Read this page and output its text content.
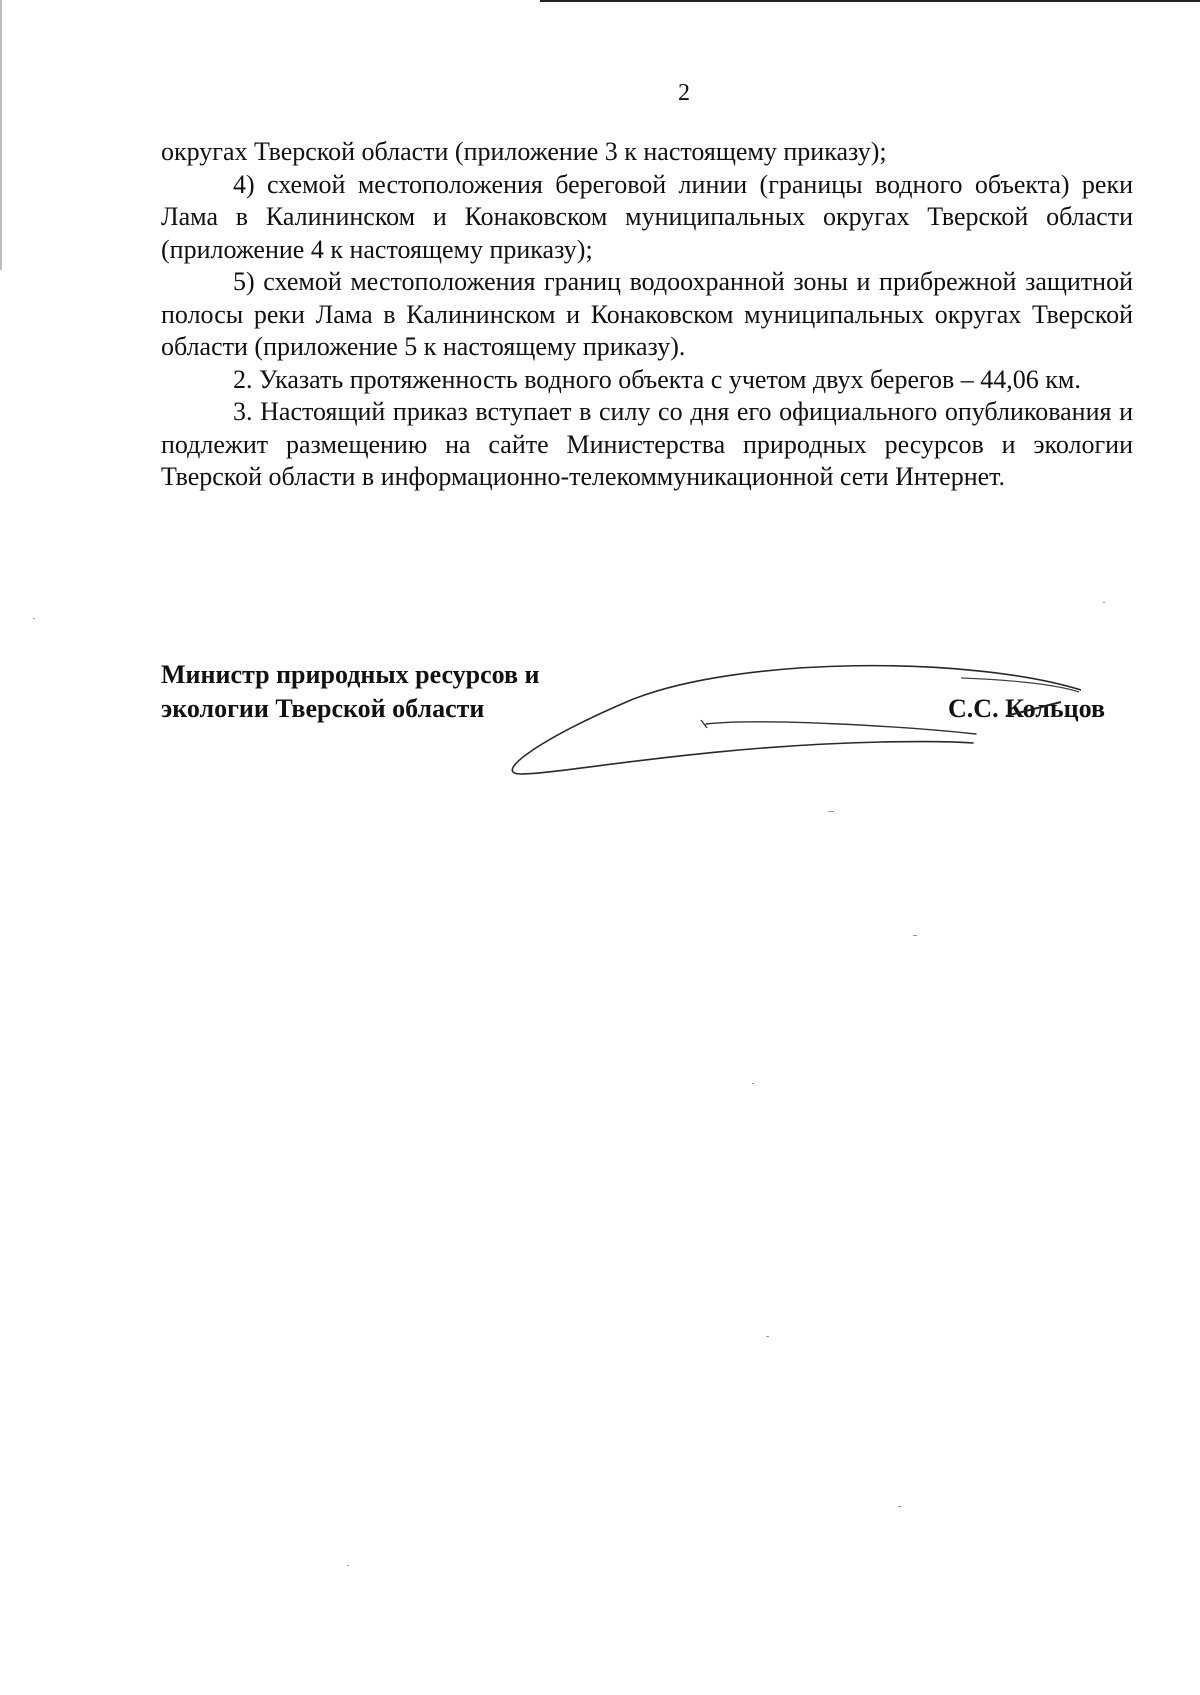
2

округах Тверской области (приложение 3 к настоящему приказу);

4) схемой местоположения береговой линии (границы водного объекта) реки Лама в Калининском и Конаковском муниципальных округах Тверской области (приложение 4 к настоящему приказу);

5) схемой местоположения границ водоохранной зоны и прибрежной защитной полосы реки Лама в Калининском и Конаковском муниципальных округах Тверской области (приложение 5 к настоящему приказу).

2. Указать протяженность водного объекта с учетом двух берегов – 44,06 км.

3. Настоящий приказ вступает в силу со дня его официального опубликования и подлежит размещению на сайте Министерства природных ресурсов и экологии Тверской области в информационно-телекоммуникационной сети Интернет.

Министр природных ресурсов и
экологии Тверской области	С.С. Кольцов
